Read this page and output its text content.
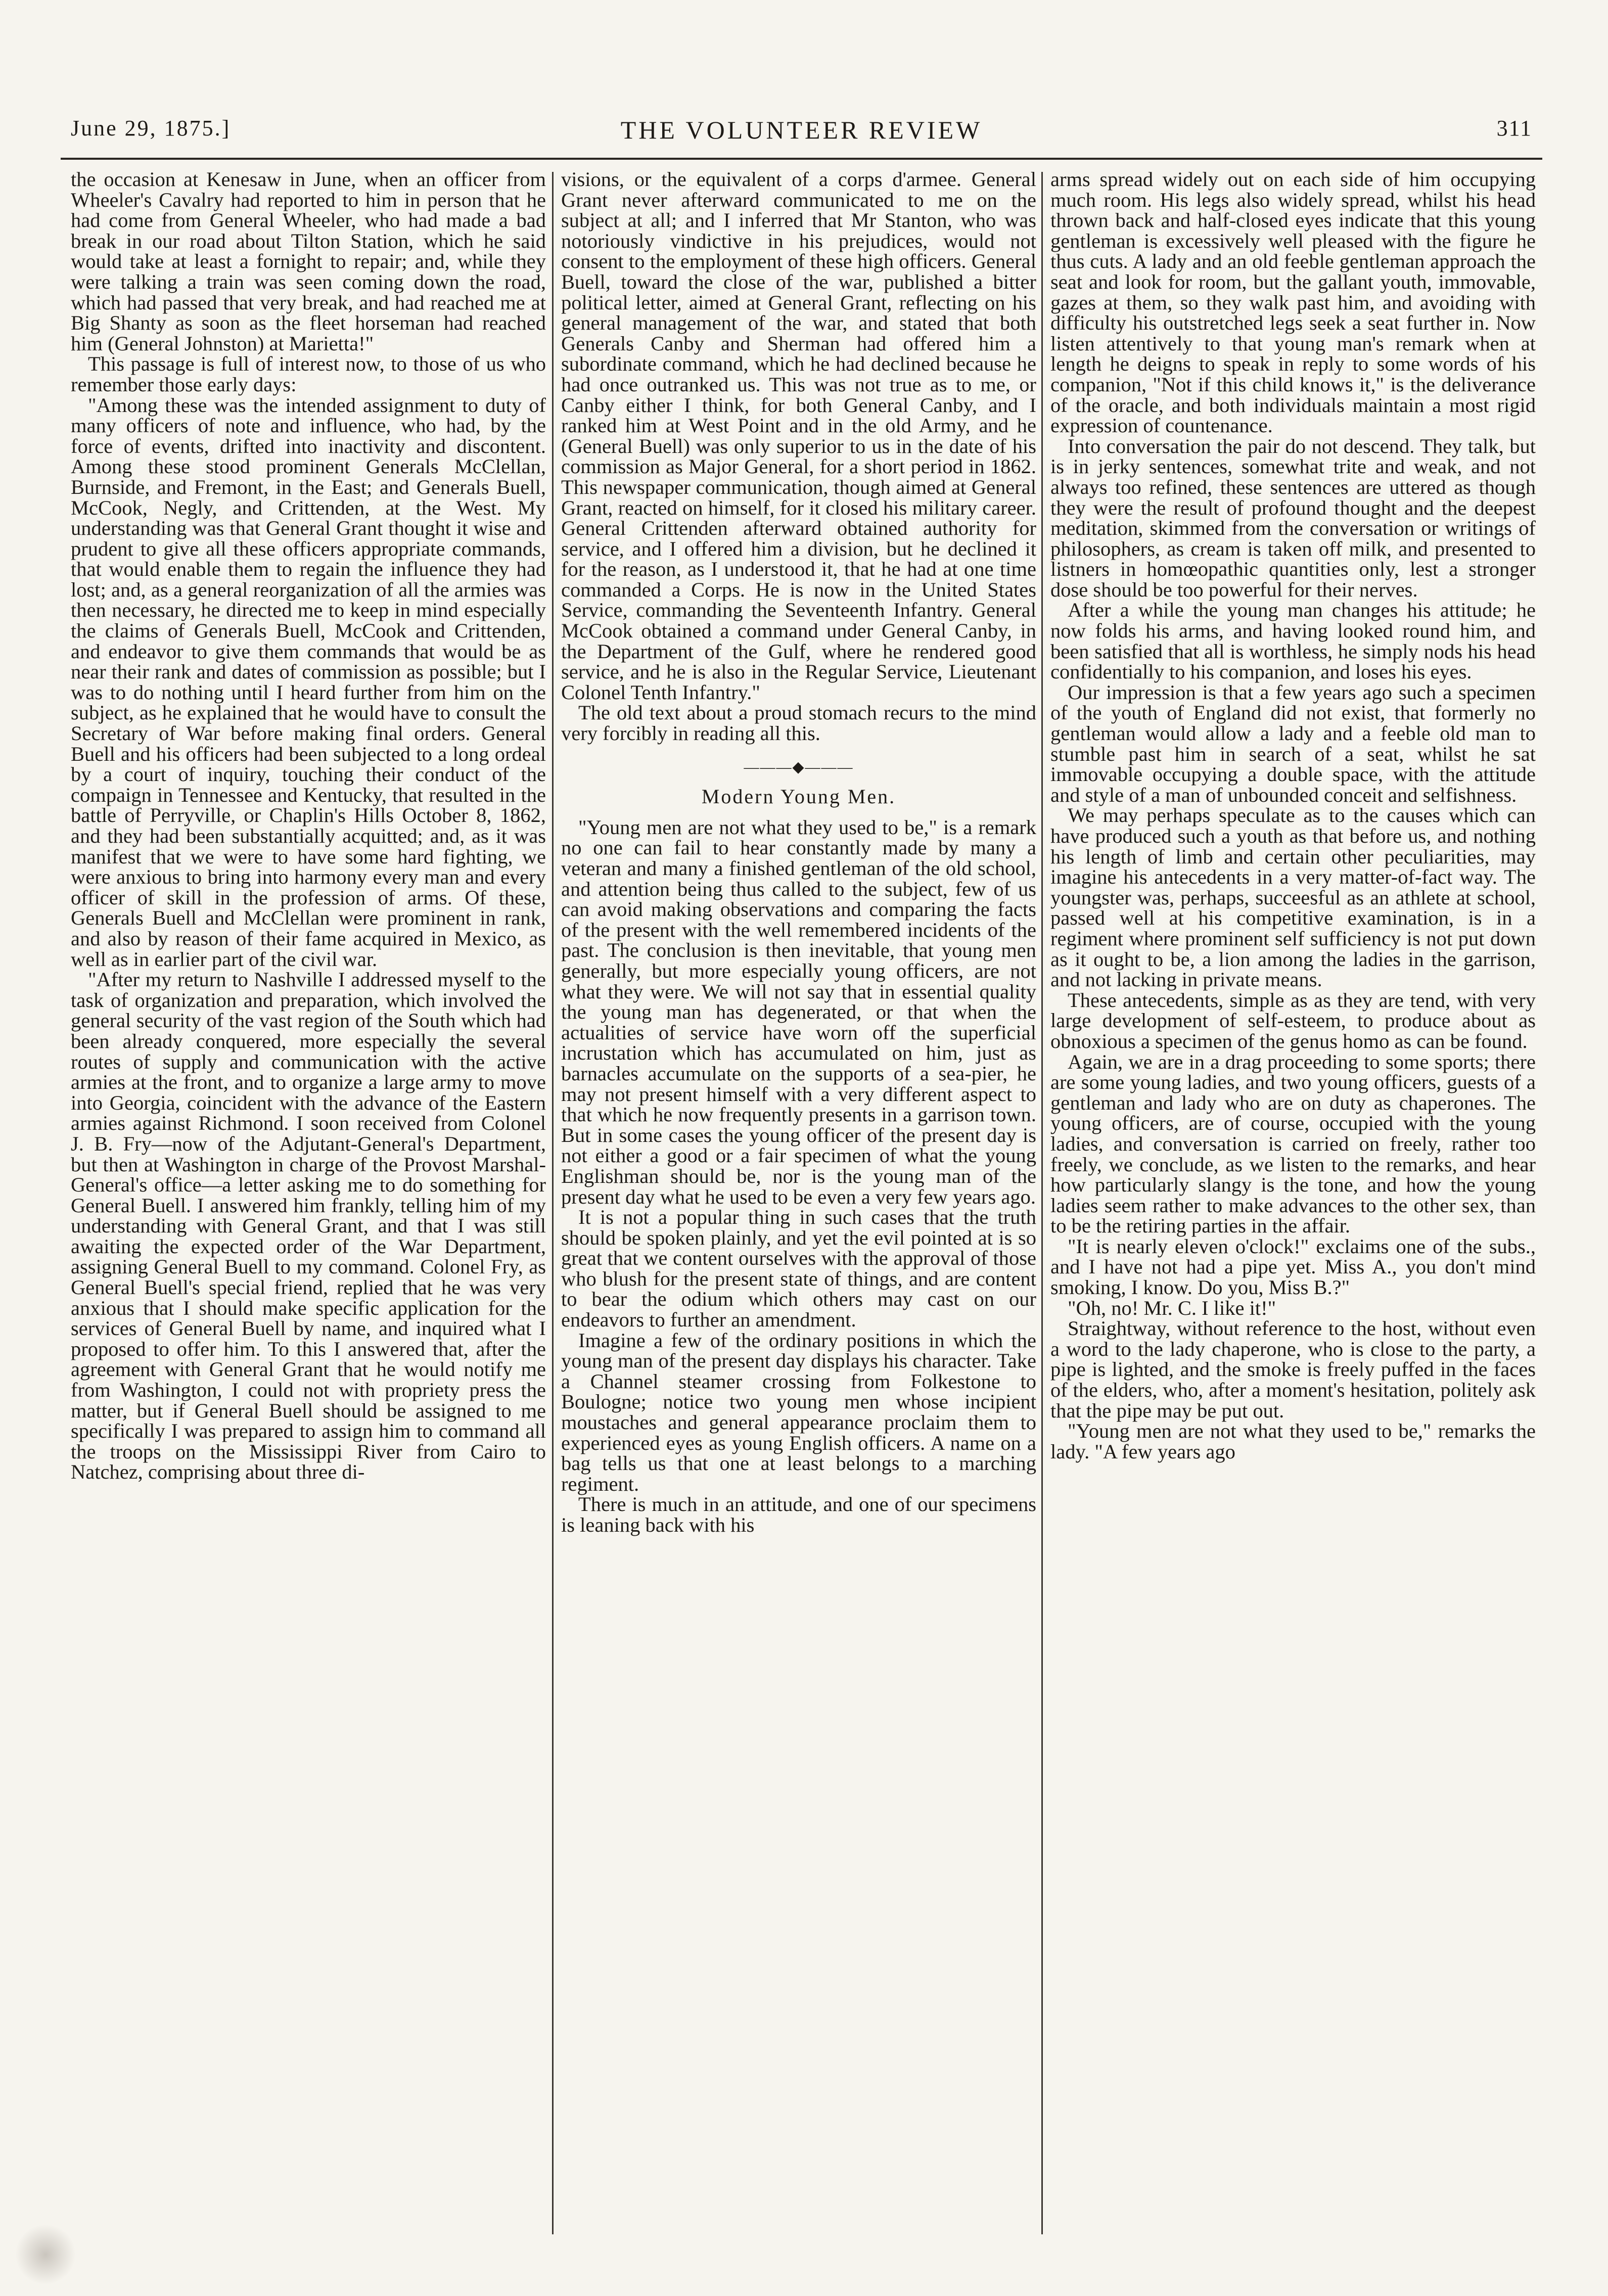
June 29, 1875.]	THE VOLUNTEER REVIEW	311

the occasion at Kenesaw in June, when an officer from Wheeler's Cavalry had reported to him in person that he had come from General Wheeler, who had made a bad break in our road about Tilton Station, which he said would take at least a fornight to repair; and, while they were talking a train was seen coming down the road, which had passed that very break, and had reached me at Big Shanty as soon as the fleet horseman had reached him (General Johnston) at Marietta!"

This passage is full of interest now, to those of us who remember those early days:

"Among these was the intended assignment to duty of many officers of note and influence, who had, by the force of events, drifted into inactivity and discontent. Among these stood prominent Generals McClellan, Burnside, and Fremont, in the East; and Generals Buell, McCook, Negly, and Crittenden, at the West. My understanding was that General Grant thought it wise and prudent to give all these officers appropriate commands, that would enable them to regain the influence they had lost; and, as a general reorganization of all the armies was then necessary, he directed me to keep in mind especially the claims of Generals Buell, McCook and Crittenden, and endeavor to give them commands that would be as near their rank and dates of commission as possible; but I was to do nothing until I heard further from him on the subject, as he explained that he would have to consult the Secretary of War before making final orders. General Buell and his officers had been subjected to a long ordeal by a court of inquiry, touching their conduct of the compaign in Tennessee and Kentucky, that resulted in the battle of Perryville, or Chaplin's Hills October 8, 1862, and they had been substantially acquitted; and, as it was manifest that we were to have some hard fighting, we were anxious to bring into harmony every man and every officer of skill in the profession of arms. Of these, Generals Buell and McClellan were prominent in rank, and also by reason of their fame acquired in Mexico, as well as in earlier part of the civil war.

"After my return to Nashville I addressed myself to the task of organization and preparation, which involved the general security of the vast region of the South which had been already conquered, more especially the several routes of supply and communication with the active armies at the front, and to organize a large army to move into Georgia, coincident with the advance of the Eastern armies against Richmond. I soon received from Colonel J. B. Fry—now of the Adjutant-General's Department, but then at Washington in charge of the Provost Marshal-General's office—a letter asking me to do something for General Buell. I answered him frankly, telling him of my understanding with General Grant, and that I was still awaiting the expected order of the War Department, assigning General Buell to my command. Colonel Fry, as General Buell's special friend, replied that he was very anxious that I should make specific application for the services of General Buell by name, and inquired what I proposed to offer him. To this I answered that, after the agreement with General Grant that he would notify me from Washington, I could not with propriety press the matter, but if General Buell should be assigned to me specifically I was prepared to assign him to command all the troops on the Mississippi River from Cairo to Natchez, comprising about three di-

visions, or the equivalent of a corps d'armee. General Grant never afterward communicated to me on the subject at all; and I inferred that Mr Stanton, who was notoriously vindictive in his prejudices, would not consent to the employment of these high officers. General Buell, toward the close of the war, published a bitter political letter, aimed at General Grant, reflecting on his general management of the war, and stated that both Generals Canby and Sherman had offered him a subordinate command, which he had declined because he had once outranked us. This was not true as to me, or Canby either I think, for both General Canby, and I ranked him at West Point and in the old Army, and he (General Buell) was only superior to us in the date of his commission as Major General, for a short period in 1862. This newspaper communication, though aimed at General Grant, reacted on himself, for it closed his military career. General Crittenden afterward obtained authority for service, and I offered him a division, but he declined it for the reason, as I understood it, that he had at one time commanded a Corps. He is now in the United States Service, commanding the Seventeenth Infantry. General McCook obtained a command under General Canby, in the Department of the Gulf, where he rendered good service, and he is also in the Regular Service, Lieutenant Colonel Tenth Infantry."

The old text about a proud stomach recurs to the mind very forcibly in reading all this.

———◆———
Modern Young Men.

"Young men are not what they used to be," is a remark no one can fail to hear constantly made by many a veteran and many a finished gentleman of the old school, and attention being thus called to the subject, few of us can avoid making observations and comparing the facts of the present with the well remembered incidents of the past. The conclusion is then inevitable, that young men generally, but more especially young officers, are not what they were. We will not say that in essential quality the young man has degenerated, or that when the actualities of service have worn off the superficial incrustation which has accumulated on him, just as barnacles accumulate on the supports of a sea-pier, he may not present himself with a very different aspect to that which he now frequently presents in a garrison town. But in some cases the young officer of the present day is not either a good or a fair specimen of what the young Englishman should be, nor is the young man of the present day what he used to be even a very few years ago.

It is not a popular thing in such cases that the truth should be spoken plainly, and yet the evil pointed at is so great that we content ourselves with the approval of those who blush for the present state of things, and are content to bear the odium which others may cast on our endeavors to further an amendment.

Imagine a few of the ordinary positions in which the young man of the present day displays his character. Take a Channel steamer crossing from Folkestone to Boulogne; notice two young men whose incipient moustaches and general appearance proclaim them to experienced eyes as young English officers. A name on a bag tells us that one at least belongs to a marching regiment.

There is much in an attitude, and one of our specimens is leaning back with his

arms spread widely out on each side of him occupying much room. His legs also widely spread, whilst his head thrown back and half-closed eyes indicate that this young gentleman is excessively well pleased with the figure he thus cuts. A lady and an old feeble gentleman approach the seat and look for room, but the gallant youth, immovable, gazes at them, so they walk past him, and avoiding with difficulty his outstretched legs seek a seat further in. Now listen attentively to that young man's remark when at length he deigns to speak in reply to some words of his companion, "Not if this child knows it," is the deliverance of the oracle, and both individuals maintain a most rigid expression of countenance.

Into conversation the pair do not descend. They talk, but is in jerky sentences, somewhat trite and weak, and not always too refined, these sentences are uttered as though they were the result of profound thought and the deepest meditation, skimmed from the conversation or writings of philosophers, as cream is taken off milk, and presented to listners in homœopathic quantities only, lest a stronger dose should be too powerful for their nerves.

After a while the young man changes his attitude; he now folds his arms, and having looked round him, and been satisfied that all is worthless, he simply nods his head confidentially to his companion, and loses his eyes.

Our impression is that a few years ago such a specimen of the youth of England did not exist, that formerly no gentleman would allow a lady and a feeble old man to stumble past him in search of a seat, whilst he sat immovable occupying a double space, with the attitude and style of a man of unbounded conceit and selfishness.

We may perhaps speculate as to the causes which can have produced such a youth as that before us, and nothing his length of limb and certain other peculiarities, may imagine his antecedents in a very matter-of-fact way. The youngster was, perhaps, succeesful as an athlete at school, passed well at his competitive examination, is in a regiment where prominent self sufficiency is not put down as it ought to be, a lion among the ladies in the garrison, and not lacking in private means.

These antecedents, simple as as they are tend, with very large development of self-esteem, to produce about as obnoxious a specimen of the genus homo as can be found.

Again, we are in a drag proceeding to some sports; there are some young ladies, and two young officers, guests of a gentleman and lady who are on duty as chaperones. The young officers, are of course, occupied with the young ladies, and conversation is carried on freely, rather too freely, we conclude, as we listen to the remarks, and hear how particularly slangy is the tone, and how the young ladies seem rather to make advances to the other sex, than to be the retiring parties in the affair.

"It is nearly eleven o'clock!" exclaims one of the subs., and I have not had a pipe yet. Miss A., you don't mind smoking, I know. Do you, Miss B.?"

"Oh, no! Mr. C. I like it!"

Straightway, without reference to the host, without even a word to the lady chaperone, who is close to the party, a pipe is lighted, and the smoke is freely puffed in the faces of the elders, who, after a moment's hesitation, politely ask that the pipe may be put out.

"Young men are not what they used to be," remarks the lady. "A few years ago
